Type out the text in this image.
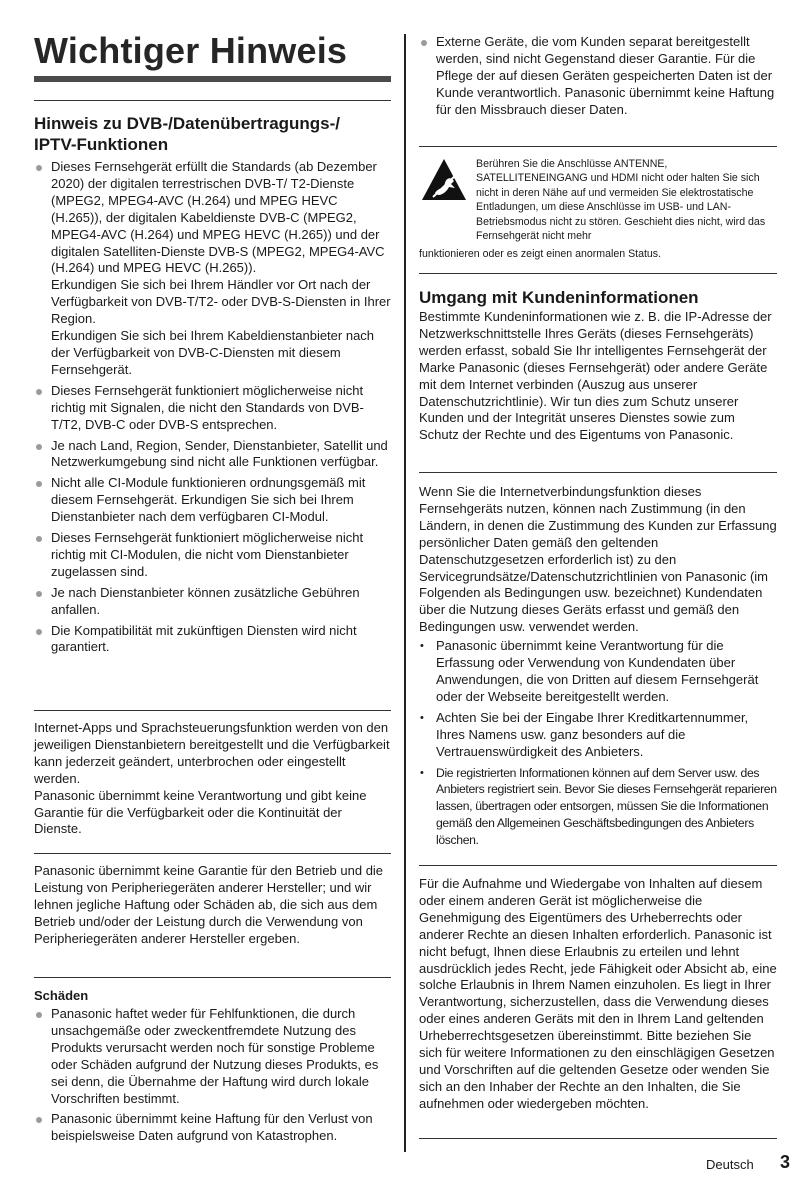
Wichtiger Hinweis
Hinweis zu DVB-/Datenübertragungs-/ IPTV-Funktionen

Dieses Fernsehgerät erfüllt die Standards (ab Dezember 2020) der digitalen terrestrischen DVB-T/ T2-Dienste (MPEG2, MPEG4-AVC (H.264) und MPEG HEVC (H.265)), der digitalen Kabeldienste DVB-C (MPEG2, MPEG4-AVC (H.264) und MPEG HEVC (H.265)) und der digitalen Satelliten-Dienste DVB-S (MPEG2, MPEG4-AVC (H.264) und MPEG HEVC (H.265)).

Erkundigen Sie sich bei Ihrem Händler vor Ort nach der Verfügbarkeit von DVB-T/T2- oder DVB-S-Diensten in Ihrer Region.

Erkundigen Sie sich bei Ihrem Kabeldienstanbieter nach der Verfügbarkeit von DVB-C-Diensten mit diesem Fernsehgerät.

Dieses Fernsehgerät funktioniert möglicherweise nicht richtig mit Signalen, die nicht den Standards von DVB-T/T2, DVB-C oder DVB-S entsprechen.
Je nach Land, Region, Sender, Dienstanbieter, Satellit und Netzwerkumgebung sind nicht alle Funktionen verfügbar.
Nicht alle CI-Module funktionieren ordnungsgemäß mit diesem Fernsehgerät. Erkundigen Sie sich bei Ihrem Dienstanbieter nach dem verfügbaren CI-Modul.
Dieses Fernsehgerät funktioniert möglicherweise nicht richtig mit CI-Modulen, die nicht vom Dienstanbieter zugelassen sind.
Je nach Dienstanbieter können zusätzliche Gebühren anfallen.
Die Kompatibilität mit zukünftigen Diensten wird nicht garantiert.

Internet-Apps und Sprachsteuerungsfunktion werden von den jeweiligen Dienstanbietern bereitgestellt und die Verfügbarkeit kann jederzeit geändert, unterbrochen oder eingestellt werden.

Panasonic übernimmt keine Verantwortung und gibt keine Garantie für die Verfügbarkeit oder die Kontinuität der Dienste.

Panasonic übernimmt keine Garantie für den Betrieb und die Leistung von Peripheriegeräten anderer Hersteller; und wir lehnen jegliche Haftung oder Schäden ab, die sich aus dem Betrieb und/oder der Leistung durch die Verwendung von Peripheriegeräten anderer Hersteller ergeben.

Schäden
Panasonic haftet weder für Fehlfunktionen, die durch unsachgemäße oder zweckentfremdete Nutzung des Produkts verursacht werden noch für sonstige Probleme oder Schäden aufgrund der Nutzung dieses Produkts, es sei denn, die Übernahme der Haftung wird durch lokale Vorschriften bestimmt.
Panasonic übernimmt keine Haftung für den Verlust von beispielsweise Daten aufgrund von Katastrophen.
Externe Geräte, die vom Kunden separat bereitgestellt werden, sind nicht Gegenstand dieser Garantie. Für die Pflege der auf diesen Geräten gespeicherten Daten ist der Kunde verantwortlich. Panasonic übernimmt keine Haftung für den Missbrauch dieser Daten.
Berühren Sie die Anschlüsse ANTENNE, SATELLITENEINGANG und HDMI nicht oder halten Sie sich nicht in deren Nähe auf und vermeiden Sie elektrostatische Entladungen, um diese Anschlüsse im USB- und LAN-Betriebsmodus nicht zu stören. Geschieht dies nicht, wird das Fernsehgerät nicht mehr
funktionieren oder es zeigt einen anormalen Status.
Umgang mit Kundeninformationen

Bestimmte Kundeninformationen wie z. B. die IP-Adresse der Netzwerkschnittstelle Ihres Geräts (dieses Fernsehgeräts) werden erfasst, sobald Sie Ihr intelligentes Fernsehgerät der Marke Panasonic (dieses Fernsehgerät) oder andere Geräte mit dem Internet verbinden (Auszug aus unserer Datenschutzrichtlinie). Wir tun dies zum Schutz unserer Kunden und der Integrität unseres Dienstes sowie zum Schutz der Rechte und des Eigentums von Panasonic.

Wenn Sie die Internetverbindungsfunktion dieses Fernsehgeräts nutzen, können nach Zustimmung (in den Ländern, in denen die Zustimmung des Kunden zur Erfassung persönlicher Daten gemäß den geltenden Datenschutzgesetzen erforderlich ist) zu den Servicegrundsätze/Datenschutzrichtlinien von Panasonic (im Folgenden als Bedingungen usw. bezeichnet) Kundendaten über die Nutzung dieses Geräts erfasst und gemäß den Bedingungen usw. verwendet werden.

• Panasonic übernimmt keine Verantwortung für die Erfassung oder Verwendung von Kundendaten über Anwendungen, die von Dritten auf diesem Fernsehgerät oder der Webseite bereitgestellt werden.
• Achten Sie bei der Eingabe Ihrer Kreditkartennummer, Ihres Namens usw. ganz besonders auf die Vertrauenswürdigkeit des Anbieters.
• Die registrierten Informationen können auf dem Server usw. des Anbieters registriert sein. Bevor Sie dieses Fernsehgerät reparieren lassen, übertragen oder entsorgen, müssen Sie die Informationen gemäß den Allgemeinen Geschäftsbedingungen des Anbieters löschen.

Für die Aufnahme und Wiedergabe von Inhalten auf diesem oder einem anderen Gerät ist möglicherweise die Genehmigung des Eigentümers des Urheberrechts oder anderer Rechte an diesen Inhalten erforderlich. Panasonic ist nicht befugt, Ihnen diese Erlaubnis zu erteilen und lehnt ausdrücklich jedes Recht, jede Fähigkeit oder Absicht ab, eine solche Erlaubnis in Ihrem Namen einzuholen. Es liegt in Ihrer Verantwortung, sicherzustellen, dass die Verwendung dieses oder eines anderen Geräts mit den in Ihrem Land geltenden Urheberrechtsgesetzen übereinstimmt. Bitte beziehen Sie sich für weitere Informationen zu den einschlägigen Gesetzen und Vorschriften auf die geltenden Gesetze oder wenden Sie sich an den Inhaber der Rechte an den Inhalten, die Sie aufnehmen oder wiedergeben möchten.

Deutsch 3
